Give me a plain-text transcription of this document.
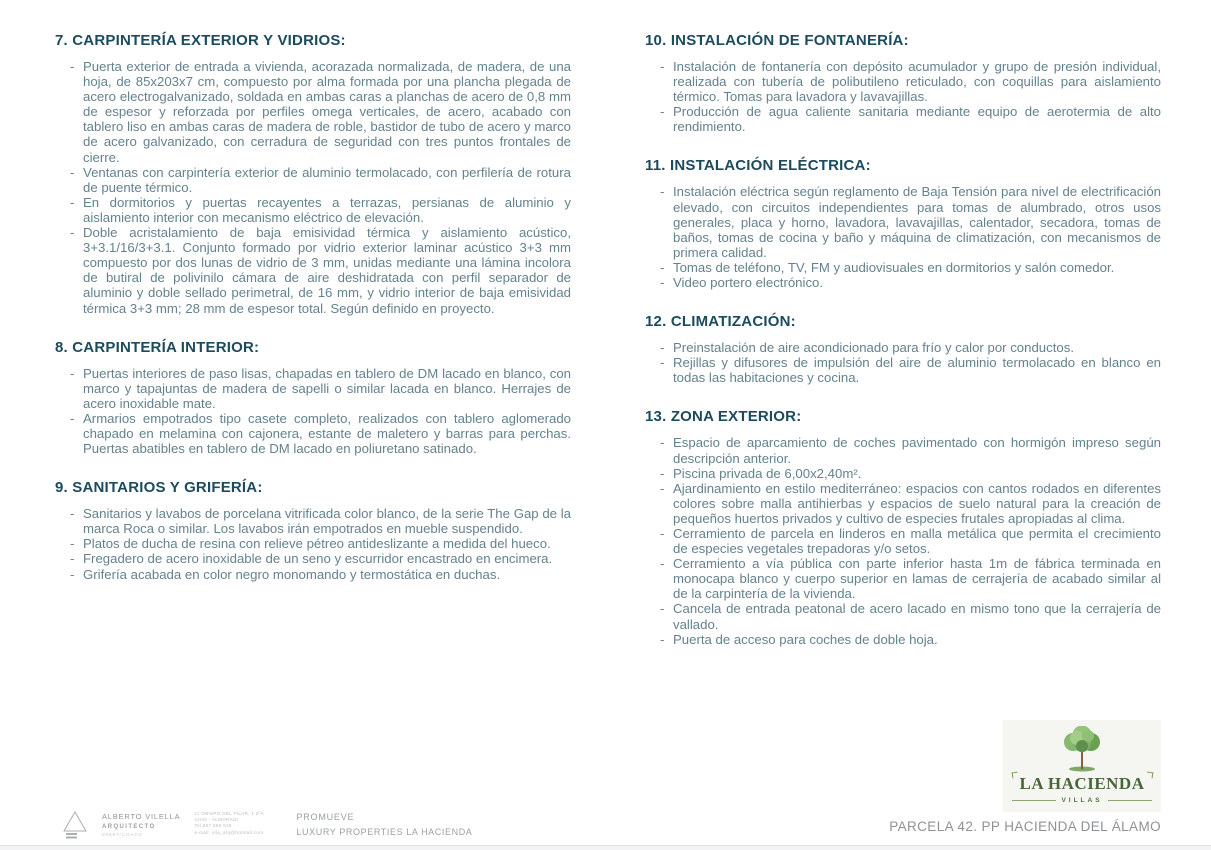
7. CARPINTERÍA EXTERIOR Y VIDRIOS:
- Puerta exterior de entrada a vivienda, acorazada normalizada, de madera, de una hoja, de 85x203x7 cm, compuesto por alma formada por una plancha plegada de acero electrogalvanizado, soldada en ambas caras a planchas de acero de 0,8 mm de espesor y reforzada por perfiles omega verticales, de acero, acabado con tablero liso en ambas caras de madera de roble, bastidor de tubo de acero y marco de acero galvanizado, con cerradura de seguridad con tres puntos frontales de cierre.
- Ventanas con carpintería exterior de aluminio termolacado, con perfilería de rotura de puente térmico.
- En dormitorios y puertas recayentes a terrazas, persianas de aluminio y aislamiento interior con mecanismo eléctrico de elevación.
- Doble acristalamiento de baja emisividad térmica y aislamiento acústico, 3+3.1/16/3+3.1. Conjunto formado por vidrio exterior laminar acústico 3+3 mm compuesto por dos lunas de vidrio de 3 mm, unidas mediante una lámina incolora de butiral de polivinilo cámara de aire deshidratada con perfil separador de aluminio y doble sellado perimetral, de 16 mm, y vidrio interior de baja emisividad térmica 3+3 mm; 28 mm de espesor total. Según definido en proyecto.
8. CARPINTERÍA INTERIOR:
- Puertas interiores de paso lisas, chapadas en tablero de DM lacado en blanco, con marco y tapajuntas de madera de sapelli o similar lacada en blanco. Herrajes de acero inoxidable mate.
- Armarios empotrados tipo casete completo, realizados con tablero aglomerado chapado en melamina con cajonera, estante de maletero y barras para perchas. Puertas abatibles en tablero de DM lacado en poliuretano satinado.
9. SANITARIOS Y GRIFERÍA:
- Sanitarios y lavabos de porcelana vitrificada color blanco, de la serie The Gap de la marca Roca o similar. Los lavabos irán empotrados en mueble suspendido.
- Platos de ducha de resina con relieve pétreo antideslizante a medida del hueco.
- Fregadero de acero inoxidable de un seno y escurridor encastrado en encimera.
- Grifería acabada en color negro monomando y termostática en duchas.
10. INSTALACIÓN DE FONTANERÍA:
- Instalación de fontanería con depósito acumulador y grupo de presión individual, realizada con tubería de polibutileno reticulado, con coquillas para aislamiento térmico. Tomas para lavadora y lavavajillas.
- Producción de agua caliente sanitaria mediante equipo de aerotermia de alto rendimiento.
11. INSTALACIÓN ELÉCTRICA:
- Instalación eléctrica según reglamento de Baja Tensión para nivel de electrificación elevado, con circuitos independientes para tomas de alumbrado, otros usos generales, placa y horno, lavadora, lavavajillas, calentador, secadora, tomas de baños, tomas de cocina y baño y máquina de climatización, con mecanismos de primera calidad.
- Tomas de teléfono, TV, FM y audiovisuales en dormitorios y salón comedor.
- Video portero electrónico.
12. CLIMATIZACIÓN:
- Preinstalación de aire acondicionado para frío y calor por conductos.
- Rejillas y difusores de impulsión del aire de aluminio termolacado en blanco en todas las habitaciones y cocina.
13. ZONA EXTERIOR:
- Espacio de aparcamiento de coches pavimentado con hormigón impreso según descripción anterior.
- Piscina privada de 6,00x2,40m².
- Ajardinamiento en estilo mediterráneo: espacios con cantos rodados en diferentes colores sobre malla antihierbas y espacios de suelo natural para la creación de pequeños huertos privados y cultivo de especies frutales apropiadas al clima.
- Cerramiento de parcela en linderos en malla metálica que permita el crecimiento de especies vegetales trepadoras y/o setos.
- Cerramiento a vía pública con parte inferior hasta 1m de fábrica terminada en monocapa blanco y cuerpo superior en lamas de cerrajería de acabado similar al de la carpintería de la vivienda.
- Cancela de entrada peatonal de acero lacado en mismo tono que la cerrajería de vallado.
- Puerta de acceso para coches de doble hoja.
LA HACIENDA
VILLAS
ALBERTO VILELLA
ARQUITECTO
09887/COACV
C/ OBISPO DEL PILAR, 1 2ºA
CHIO - ALMORADI
Tel.657 055 519
e-mail: vlla_arq@hotmail.com
PROMUEVE
LUXURY PROPERTIES LA HACIENDA	PARCELA 42. PP HACIENDA DEL ÁLAMO
